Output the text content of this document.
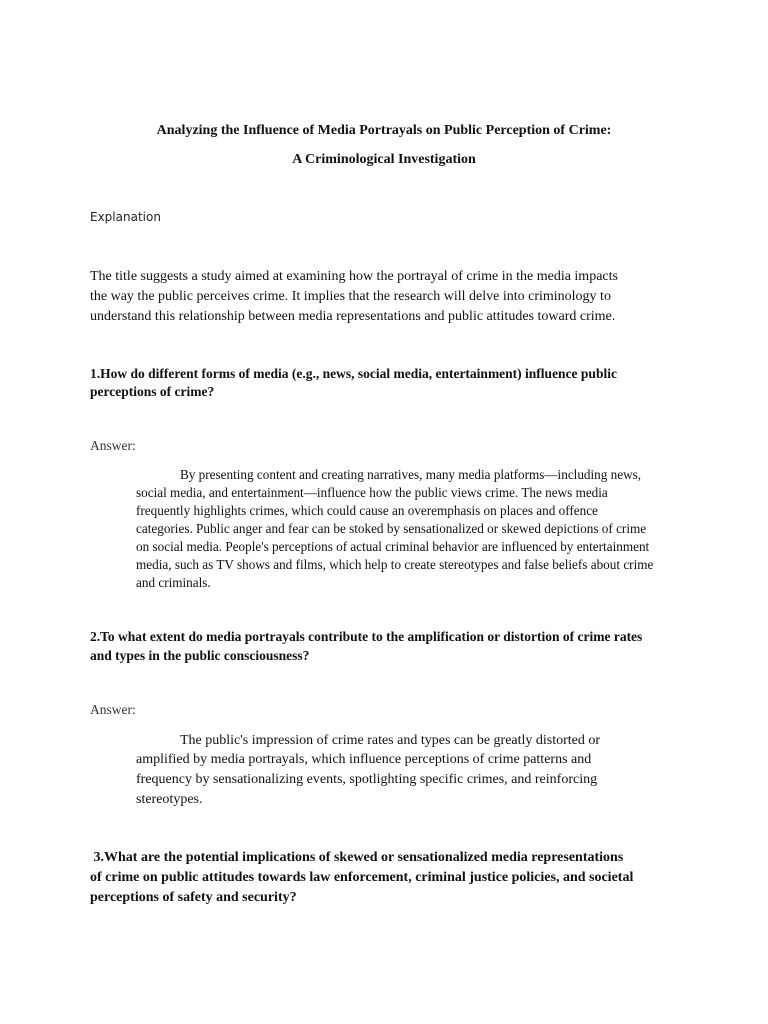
Analyzing the Influence of Media Portrayals on Public Perception of Crime:
A Criminological Investigation
Explanation
The title suggests a study aimed at examining how the portrayal of crime in the media impacts
the way the public perceives crime. It implies that the research will delve into criminology to
understand this relationship between media representations and public attitudes toward crime.
1.How do different forms of media (e.g., news, social media, entertainment) influence public
perceptions of crime?
Answer:
By presenting content and creating narratives, many media platforms—including news,
social media, and entertainment—influence how the public views crime. The news media
frequently highlights crimes, which could cause an overemphasis on places and offence
categories. Public anger and fear can be stoked by sensationalized or skewed depictions of crime
on social media. People's perceptions of actual criminal behavior are influenced by entertainment
media, such as TV shows and films, which help to create stereotypes and false beliefs about crime
and criminals.
2.To what extent do media portrayals contribute to the amplification or distortion of crime rates
and types in the public consciousness?
Answer:
The public's impression of crime rates and types can be greatly distorted or
amplified by media portrayals, which influence perceptions of crime patterns and
frequency by sensationalizing events, spotlighting specific crimes, and reinforcing
stereotypes.
3.What are the potential implications of skewed or sensationalized media representations
of crime on public attitudes towards law enforcement, criminal justice policies, and societal
perceptions of safety and security?
